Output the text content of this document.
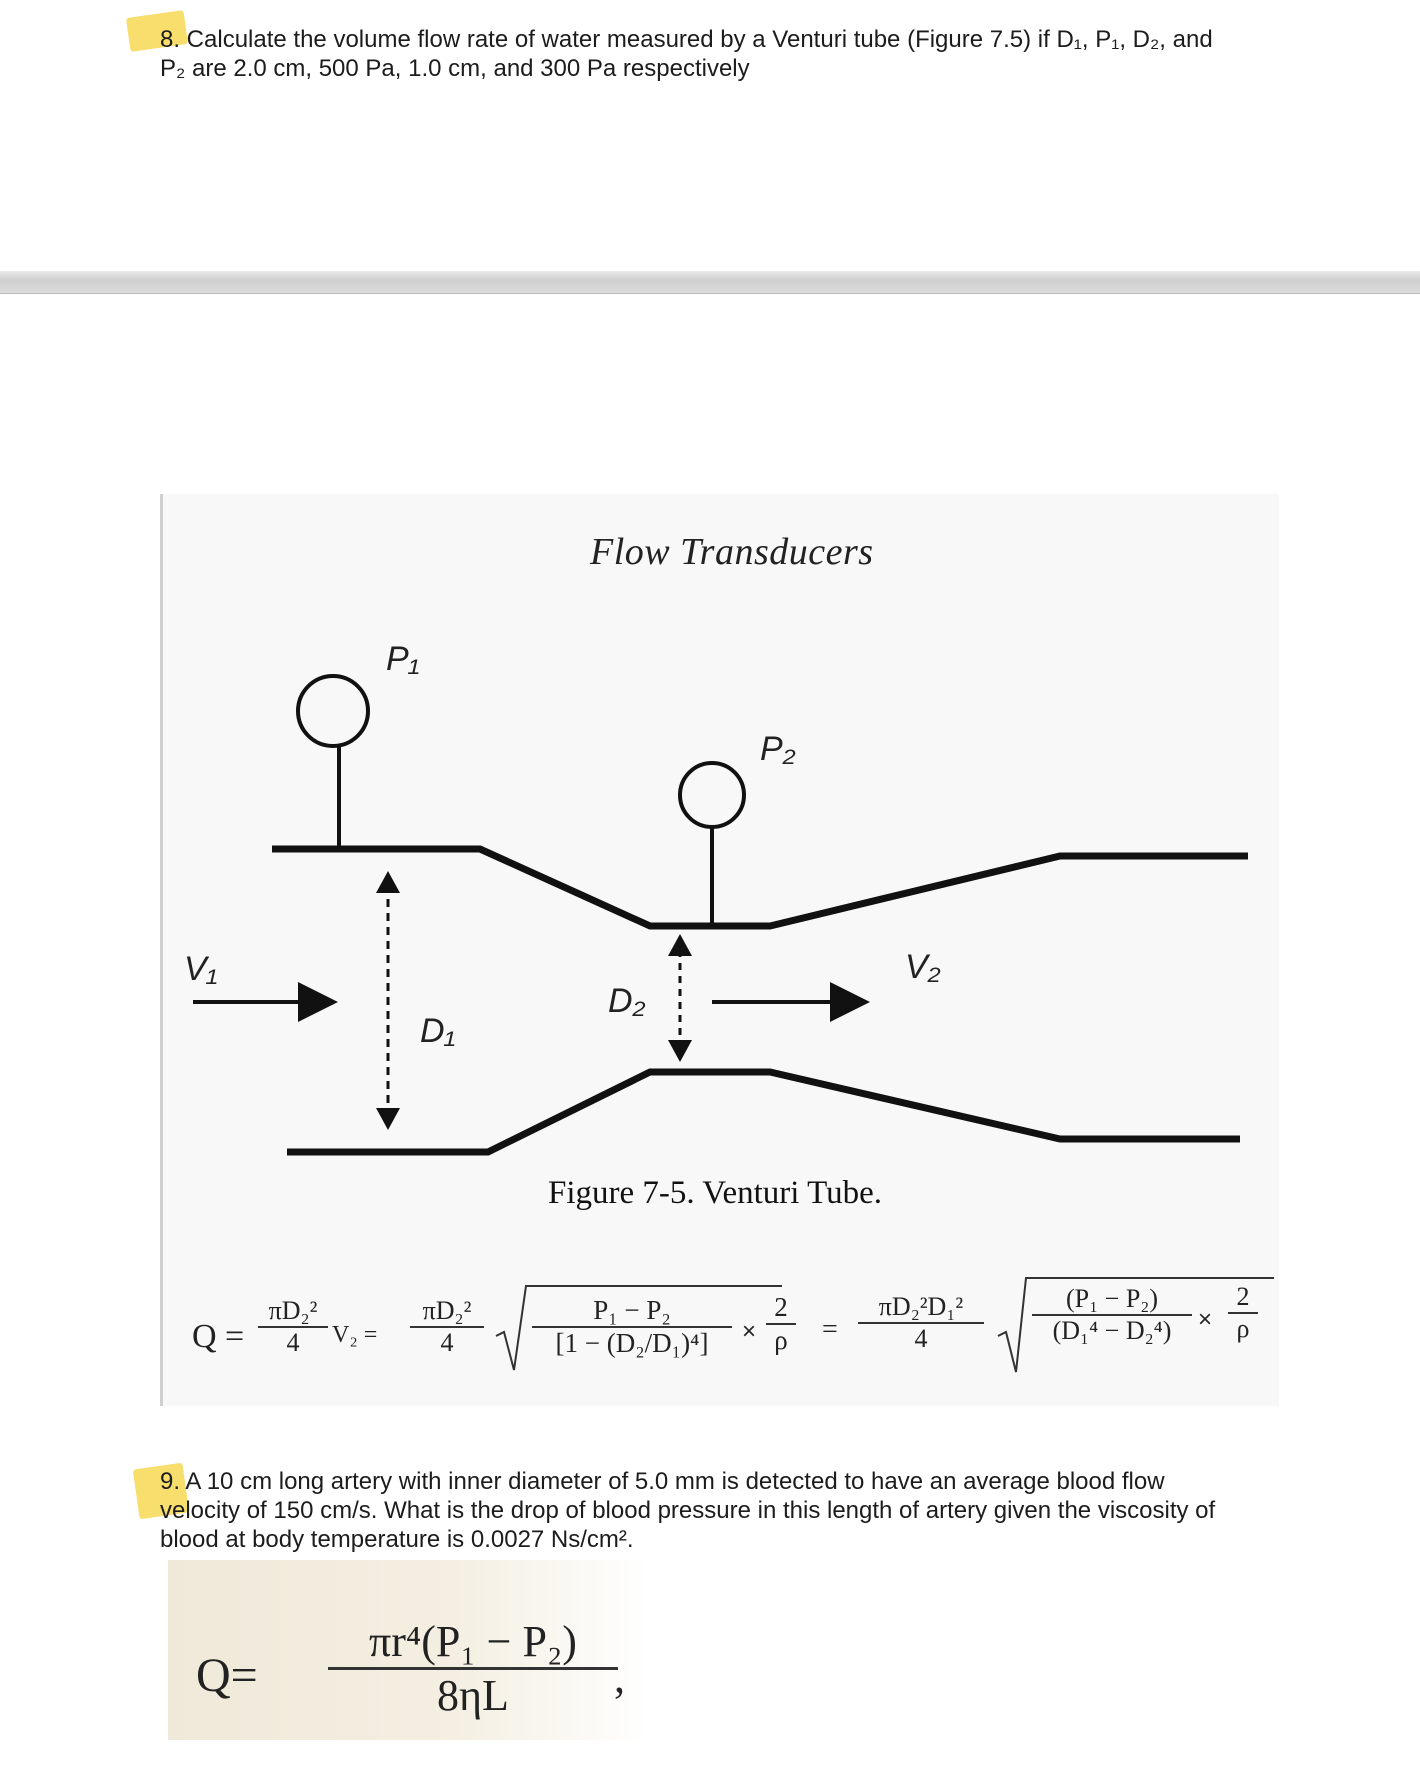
8. Calculate the volume flow rate of water measured by a Venturi tube (Figure 7.5) if D₁, P₁, D₂, and
P₂ are 2.0 cm, 500 Pa, 1.0 cm, and 300 Pa respectively
Flow Transducers
P₁
P₂
V₁	V₂
D₁
D₂
Figure 7-5. Venturi Tube.
$Q = \frac{\text{πD₂²}}{4} V_2 = \frac{\text{πD₂²}}{4} \frac{\text{P₁ − P₂}}{\text{[1 − (D₂/D₁)⁴]}} \times \frac{2}{\rho} = \frac{\text{πD₂²D₁²}}{4} \frac{\text{(P₁ − P₂)}}{\text{(D₁⁴ − D₂⁴)}} \times \frac{2}{\rho}$
9. A 10 cm long artery with inner diameter of 5.0 mm is detected to have an average blood flow
velocity of 150 cm/s. What is the drop of blood pressure in this length of artery given the viscosity of
blood at body temperature is 0.0027 Ns/cm².
$Q= \frac{\text{πr⁴(P₁ − P₂)}}{8\eta L}$
,
